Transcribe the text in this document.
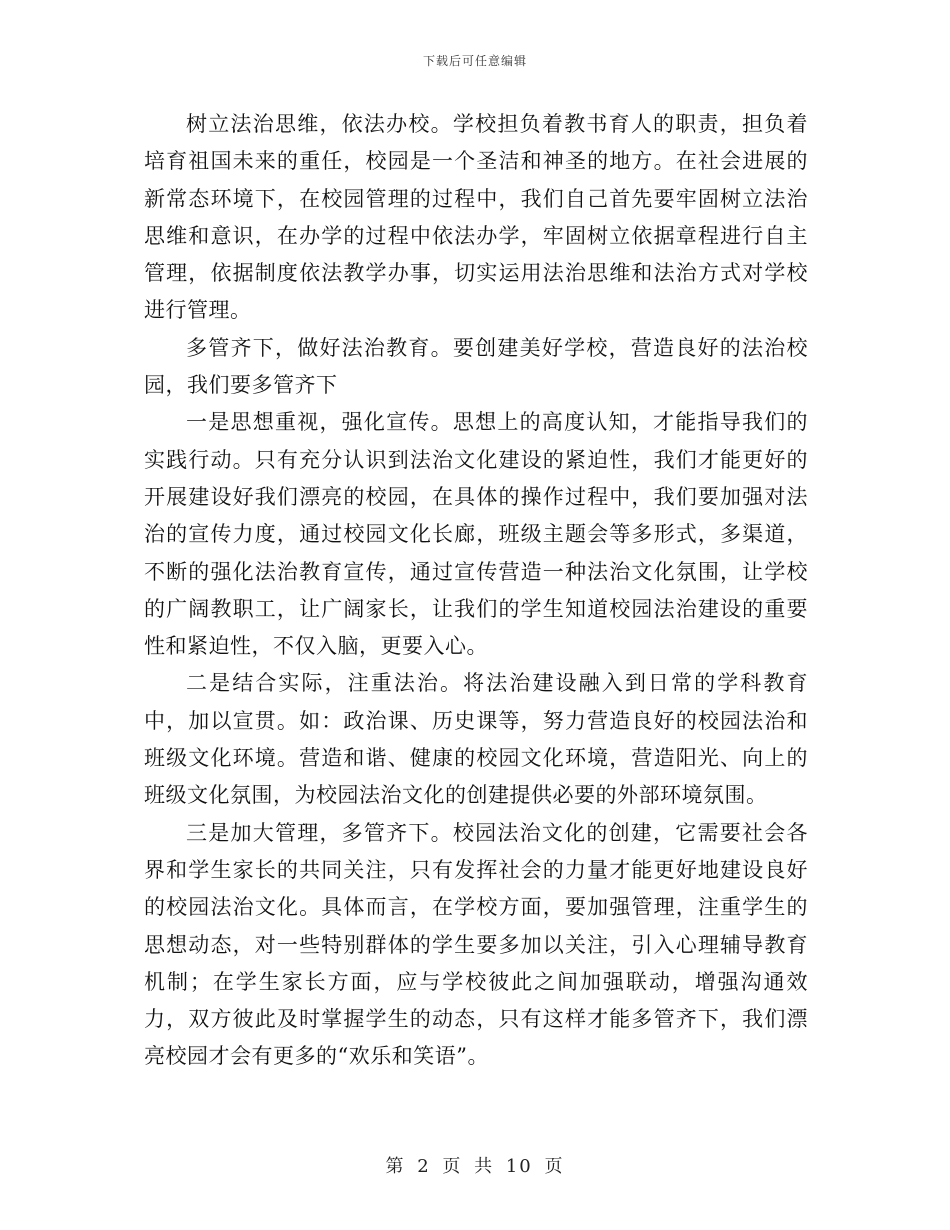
下载后可任意编辑

树立法治思维，依法办校。学校担负着教书育人的职责，担负着培育祖国未来的重任，校园是一个圣洁和神圣的地方。在社会进展的新常态环境下，在校园管理的过程中，我们自己首先要牢固树立法治思维和意识，在办学的过程中依法办学，牢固树立依据章程进行自主管理，依据制度依法教学办事，切实运用法治思维和法治方式对学校进行管理。

多管齐下，做好法治教育。要创建美好学校，营造良好的法治校园，我们要多管齐下

一是思想重视，强化宣传。思想上的高度认知，才能指导我们的实践行动。只有充分认识到法治文化建设的紧迫性，我们才能更好的开展建设好我们漂亮的校园，在具体的操作过程中，我们要加强对法治的宣传力度，通过校园文化长廊，班级主题会等多形式，多渠道，不断的强化法治教育宣传，通过宣传营造一种法治文化氛围，让学校的广阔教职工，让广阔家长，让我们的学生知道校园法治建设的重要性和紧迫性，不仅入脑，更要入心。

二是结合实际，注重法治。将法治建设融入到日常的学科教育中，加以宣贯。如：政治课、历史课等，努力营造良好的校园法治和班级文化环境。营造和谐、健康的校园文化环境，营造阳光、向上的班级文化氛围，为校园法治文化的创建提供必要的外部环境氛围。

三是加大管理，多管齐下。校园法治文化的创建，它需要社会各界和学生家长的共同关注，只有发挥社会的力量才能更好地建设良好的校园法治文化。具体而言，在学校方面，要加强管理，注重学生的思想动态，对一些特别群体的学生要多加以关注，引入心理辅导教育机制；在学生家长方面，应与学校彼此之间加强联动，增强沟通效力，双方彼此及时掌握学生的动态，只有这样才能多管齐下，我们漂亮校园才会有更多的“欢乐和笑语”。

第 2 页 共 10 页
